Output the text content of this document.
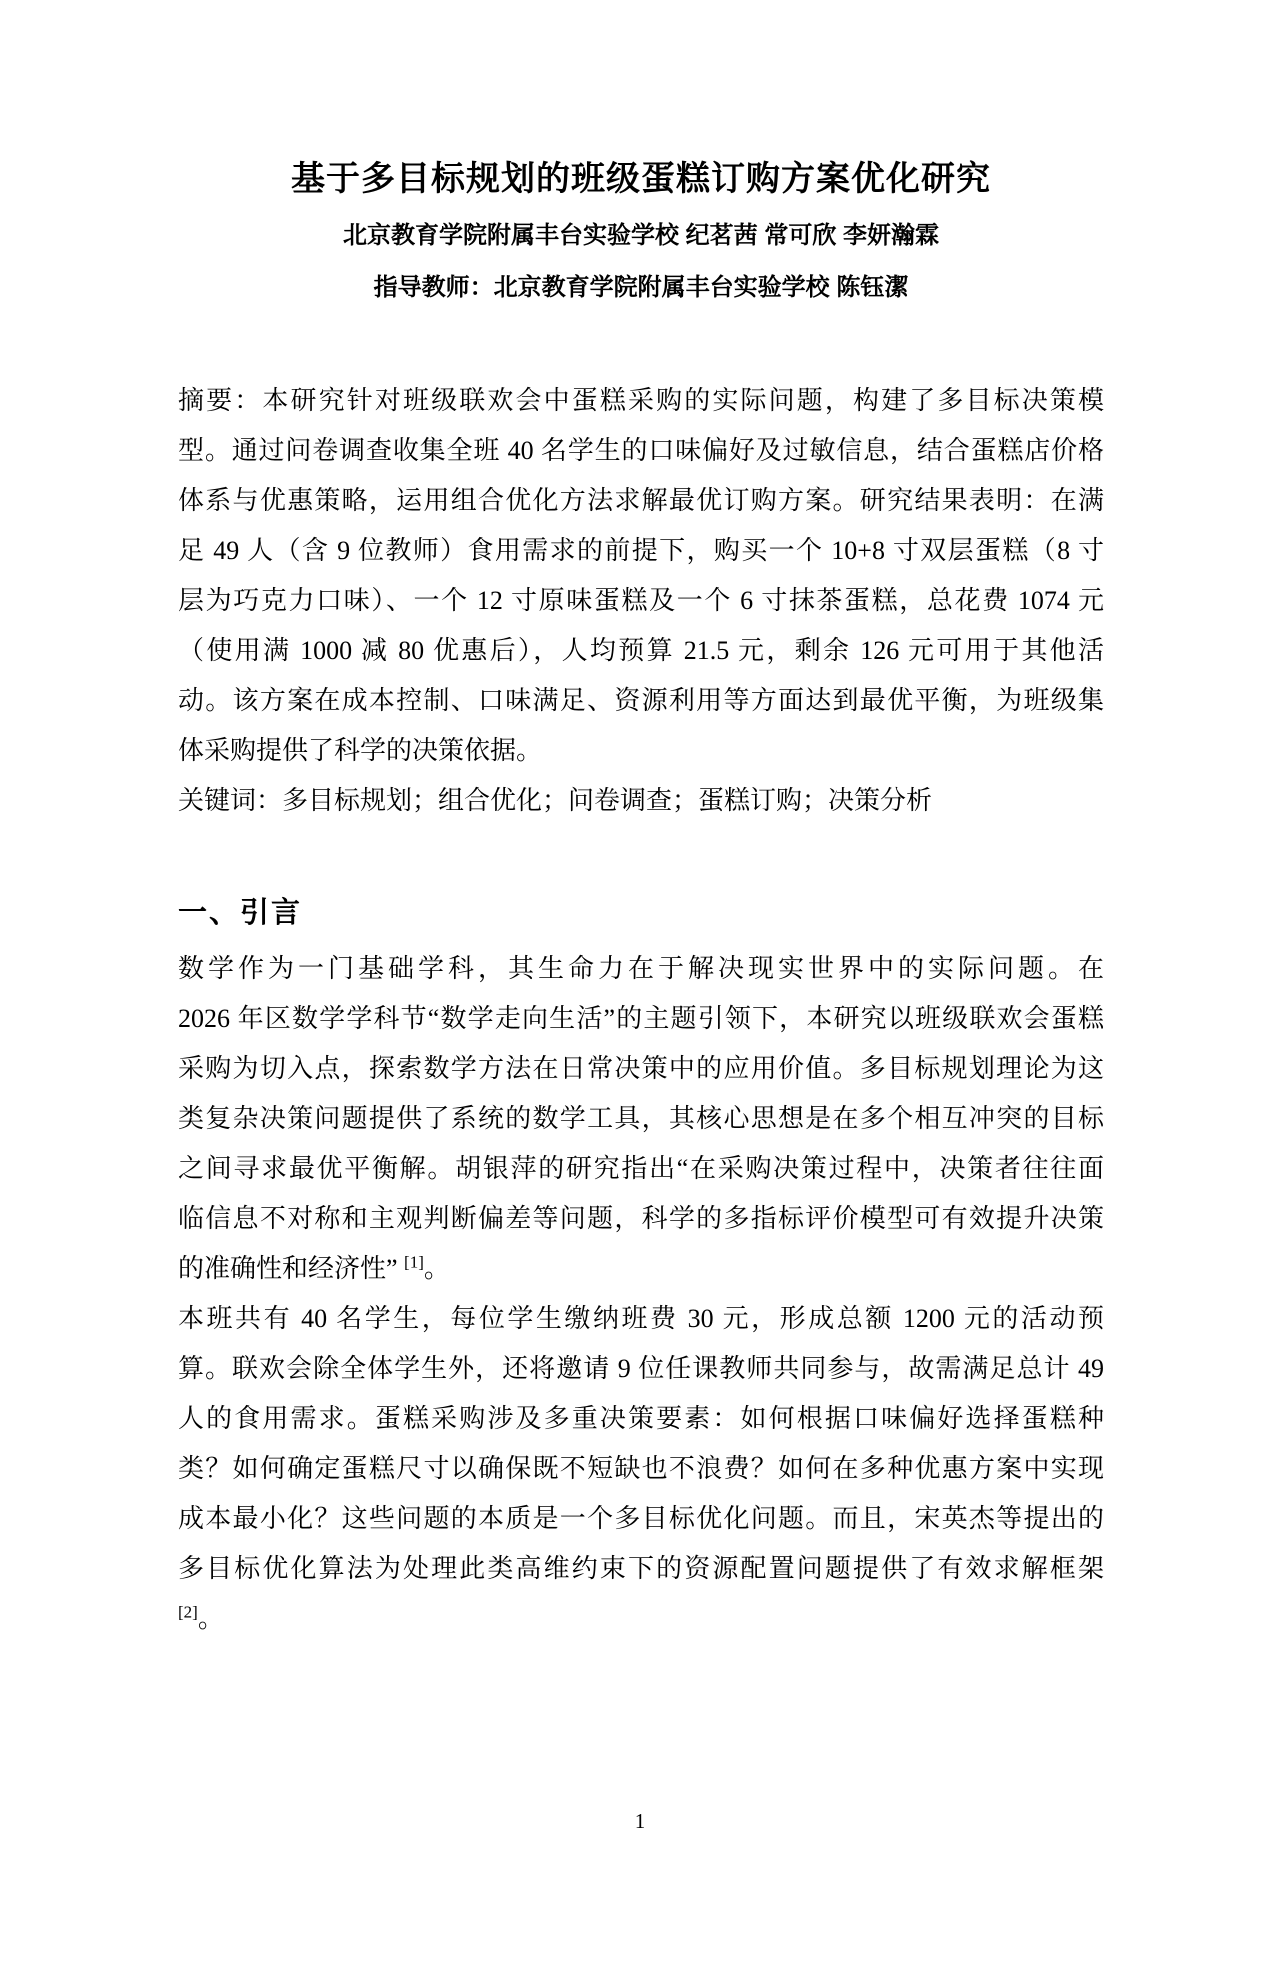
基于多目标规划的班级蛋糕订购方案优化研究
北京教育学院附属丰台实验学校 纪茗茜 常可欣 李妍瀚霖
指导教师：北京教育学院附属丰台实验学校 陈钰潔
摘要：本研究针对班级联欢会中蛋糕采购的实际问题，构建了多目标决策模
型。通过问卷调查收集全班 40 名学生的口味偏好及过敏信息，结合蛋糕店价格
体系与优惠策略，运用组合优化方法求解最优订购方案。研究结果表明：在满
足 49 人（含 9 位教师）食用需求的前提下，购买一个 10+8 寸双层蛋糕（8 寸
层为巧克力口味）、一个 12 寸原味蛋糕及一个 6 寸抹茶蛋糕，总花费 1074 元
（使用满 1000 减 80 优惠后），人均预算 21.5 元，剩余 126 元可用于其他活
动。该方案在成本控制、口味满足、资源利用等方面达到最优平衡，为班级集
体采购提供了科学的决策依据。
关键词：多目标规划；组合优化；问卷调查；蛋糕订购；决策分析
一、引言
数学作为一门基础学科，其生命力在于解决现实世界中的实际问题。在
2026 年区数学学科节“数学走向生活”的主题引领下，本研究以班级联欢会蛋糕
采购为切入点，探索数学方法在日常决策中的应用价值。多目标规划理论为这
类复杂决策问题提供了系统的数学工具，其核心思想是在多个相互冲突的目标
之间寻求最优平衡解。胡银萍的研究指出“在采购决策过程中，决策者往往面
临信息不对称和主观判断偏差等问题，科学的多指标评价模型可有效提升决策
的准确性和经济性” [1]。
本班共有 40 名学生，每位学生缴纳班费 30 元，形成总额 1200 元的活动预
算。联欢会除全体学生外，还将邀请 9 位任课教师共同参与，故需满足总计 49
人的食用需求。蛋糕采购涉及多重决策要素：如何根据口味偏好选择蛋糕种
类？如何确定蛋糕尺寸以确保既不短缺也不浪费？如何在多种优惠方案中实现
成本最小化？这些问题的本质是一个多目标优化问题。而且，宋英杰等提出的
多目标优化算法为处理此类高维约束下的资源配置问题提供了有效求解框架
[2]。
1
